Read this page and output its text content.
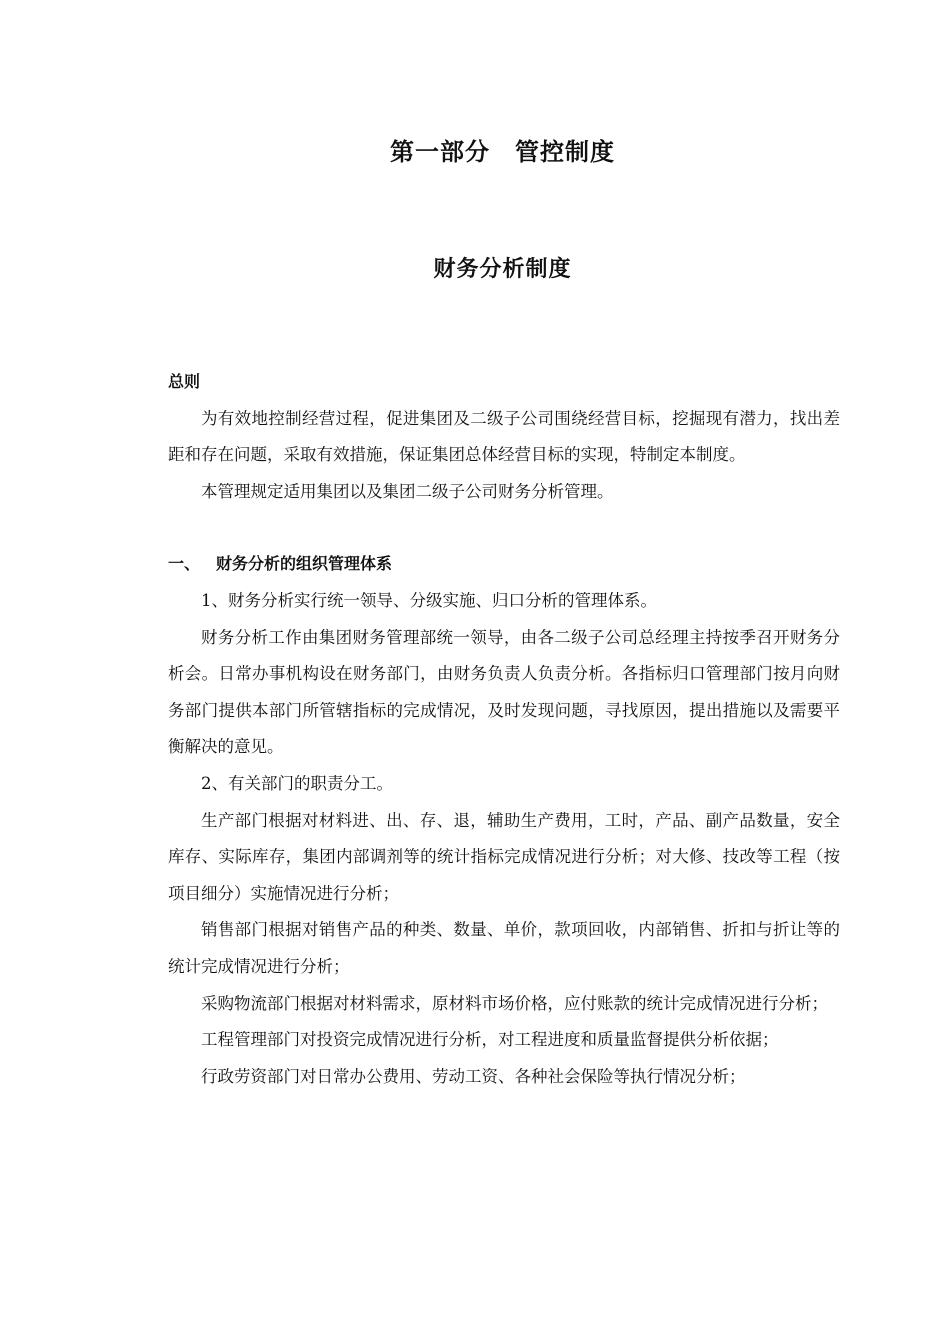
第一部分　管控制度
财务分析制度

总则

为有效地控制经营过程，促进集团及二级子公司围绕经营目标，挖掘现有潜力，找出差距和存在问题，采取有效措施，保证集团总体经营目标的实现，特制定本制度。

本管理规定适用集团以及集团二级子公司财务分析管理。

一、 财务分析的组织管理体系

1、财务分析实行统一领导、分级实施、归口分析的管理体系。

财务分析工作由集团财务管理部统一领导，由各二级子公司总经理主持按季召开财务分析会。日常办事机构设在财务部门，由财务负责人负责分析。各指标归口管理部门按月向财务部门提供本部门所管辖指标的完成情况，及时发现问题，寻找原因，提出措施以及需要平衡解决的意见。

2、有关部门的职责分工。

生产部门根据对材料进、出、存、退，辅助生产费用，工时，产品、副产品数量，安全库存、实际库存，集团内部调剂等的统计指标完成情况进行分析；对大修、技改等工程（按项目细分）实施情况进行分析；

销售部门根据对销售产品的种类、数量、单价，款项回收，内部销售、折扣与折让等的统计完成情况进行分析；

采购物流部门根据对材料需求，原材料市场价格，应付账款的统计完成情况进行分析；

工程管理部门对投资完成情况进行分析，对工程进度和质量监督提供分析依据；

行政劳资部门对日常办公费用、劳动工资、各种社会保险等执行情况分析；
